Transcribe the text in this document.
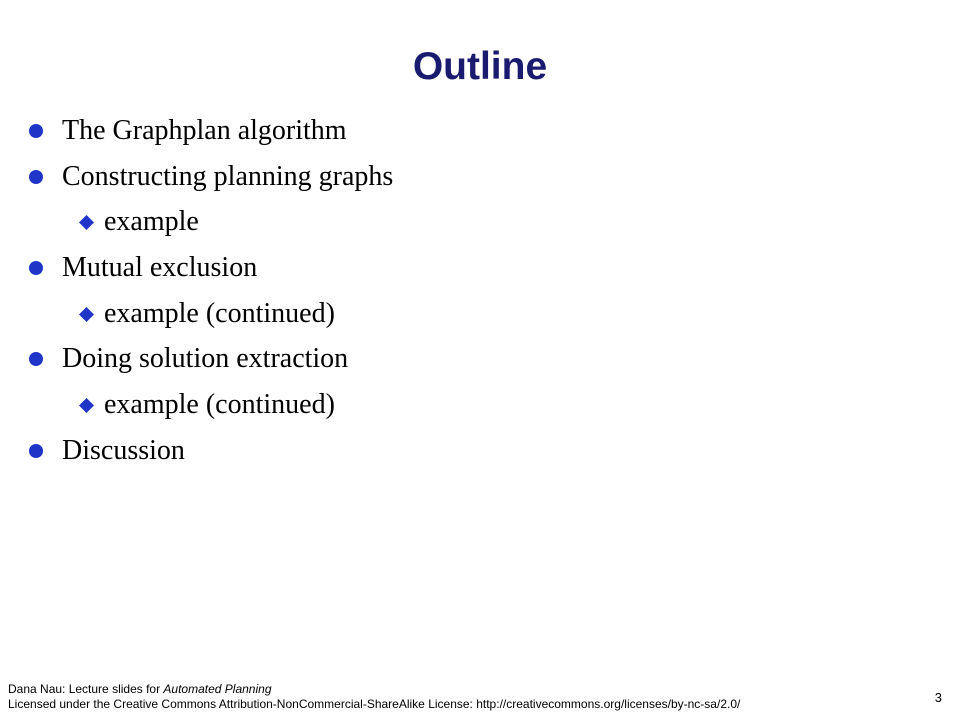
Outline
The Graphplan algorithm
Constructing planning graphs
example
Mutual exclusion
example (continued)
Doing solution extraction
example (continued)
Discussion
Dana Nau: Lecture slides for Automated Planning
Licensed under the Creative Commons Attribution-NonCommercial-ShareAlike License: http://creativecommons.org/licenses/by-nc-sa/2.0/	3
